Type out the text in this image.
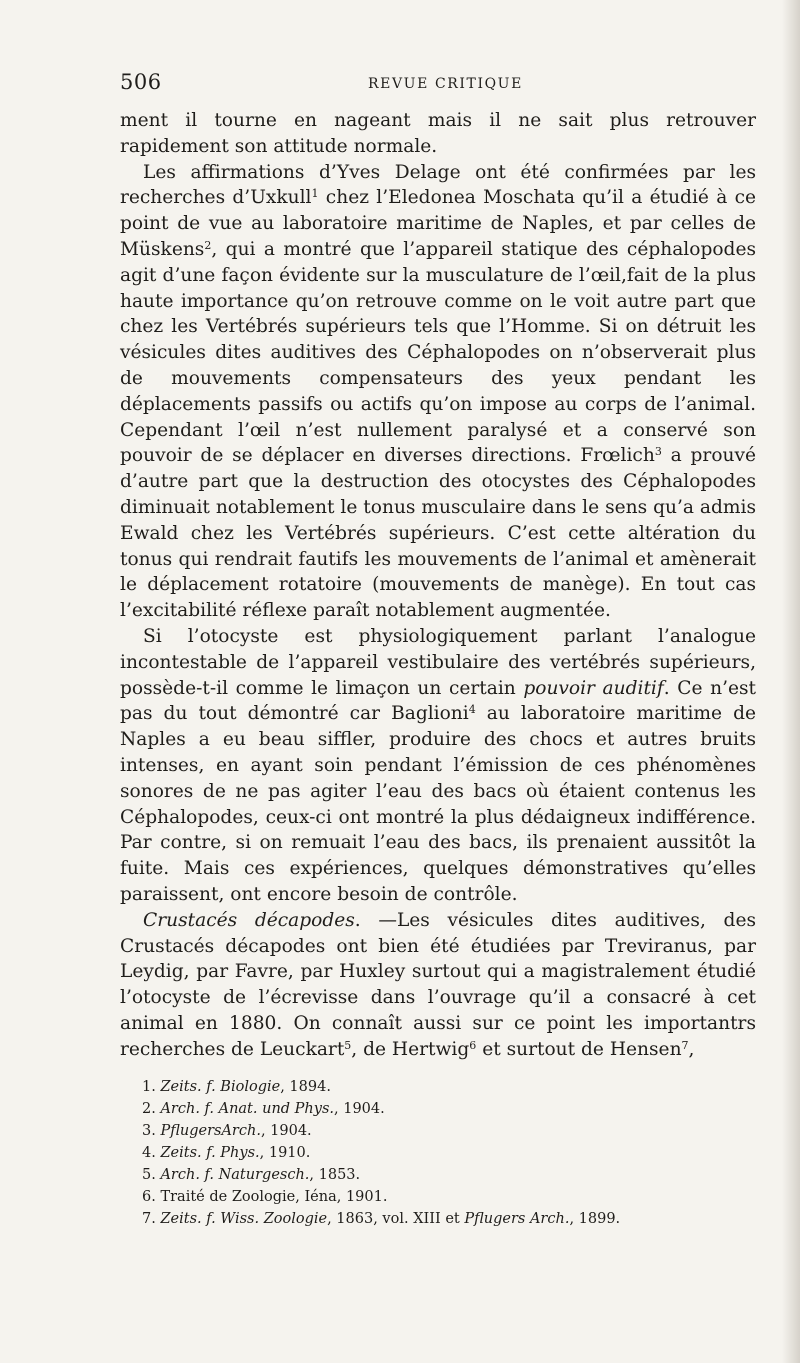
506	REVUE CRITIQUE

ment il tourne en nageant mais il ne sait plus retrouver rapidement son attitude normale.

Les affirmations d’Yves Delage ont été confirmées par les recherches d’Uxkull$^1$ chez l’Eledonea Moschata qu’il a étudié à ce point de vue au laboratoire maritime de Naples, et par celles de Müskens$^2$, qui a montré que l’appareil statique des céphalopodes agit d’une façon évidente sur la musculature de l’œil,fait de la plus haute importance qu’on retrouve comme on le voit autre part que chez les Vertébrés supérieurs tels que l’Homme. Si on détruit les vésicules dites auditives des Céphalopodes on n’observerait plus de mouvements compensateurs des yeux pendant les déplacements passifs ou actifs qu’on impose au corps de l’animal. Cependant l’œil n’est nullement paralysé et a conservé son pouvoir de se déplacer en diverses directions. Frœlich$^3$ a prouvé d’autre part que la destruction des otocystes des Céphalopodes diminuait notablement le tonus musculaire dans le sens qu’a admis Ewald chez les Vertébrés supérieurs. C’est cette altération du tonus qui rendrait fautifs les mouvements de l’animal et amènerait le déplacement rotatoire (mouvements de manège). En tout cas l’excitabilité réflexe paraît notablement augmentée.

Si l’otocyste est physiologiquement parlant l’analogue incontestable de l’appareil vestibulaire des vertébrés supérieurs, possède-t-il comme le limaçon un certain pouvoir auditif. Ce n’est pas du tout démontré car Baglioni$^4$ au laboratoire maritime de Naples a eu beau siffler, produire des chocs et autres bruits intenses, en ayant soin pendant l’émission de ces phénomènes sonores de ne pas agiter l’eau des bacs où étaient contenus les Céphalopodes, ceux-ci ont montré la plus dédaigneux indifférence. Par contre, si on remuait l’eau des bacs, ils prenaient aussitôt la fuite. Mais ces expériences, quelques démonstratives qu’elles paraissent, ont encore besoin de contrôle.

Crustacés décapodes. —Les vésicules dites auditives, des Crustacés décapodes ont bien été étudiées par Treviranus, par Leydig, par Favre, par Huxley surtout qui a magistralement étudié l’otocyste de l’écrevisse dans l’ouvrage qu’il a consacré à cet animal en 1880. On connaît aussi sur ce point les importantrs recherches de Leuckart$^5$, de Hertwig$^6$ et surtout de Hensen$^7$,

1. Zeits. f. Biologie, 1894.
2. Arch. f. Anat. und Phys., 1904.
3. PflugersArch., 1904.
4. Zeits. f. Phys., 1910.
5. Arch. f. Naturgesch., 1853.
6. Traité de Zoologie, Iéna, 1901.
7. Zeits. f. Wiss. Zoologie, 1863, vol. XIII et Pflugers Arch., 1899.
